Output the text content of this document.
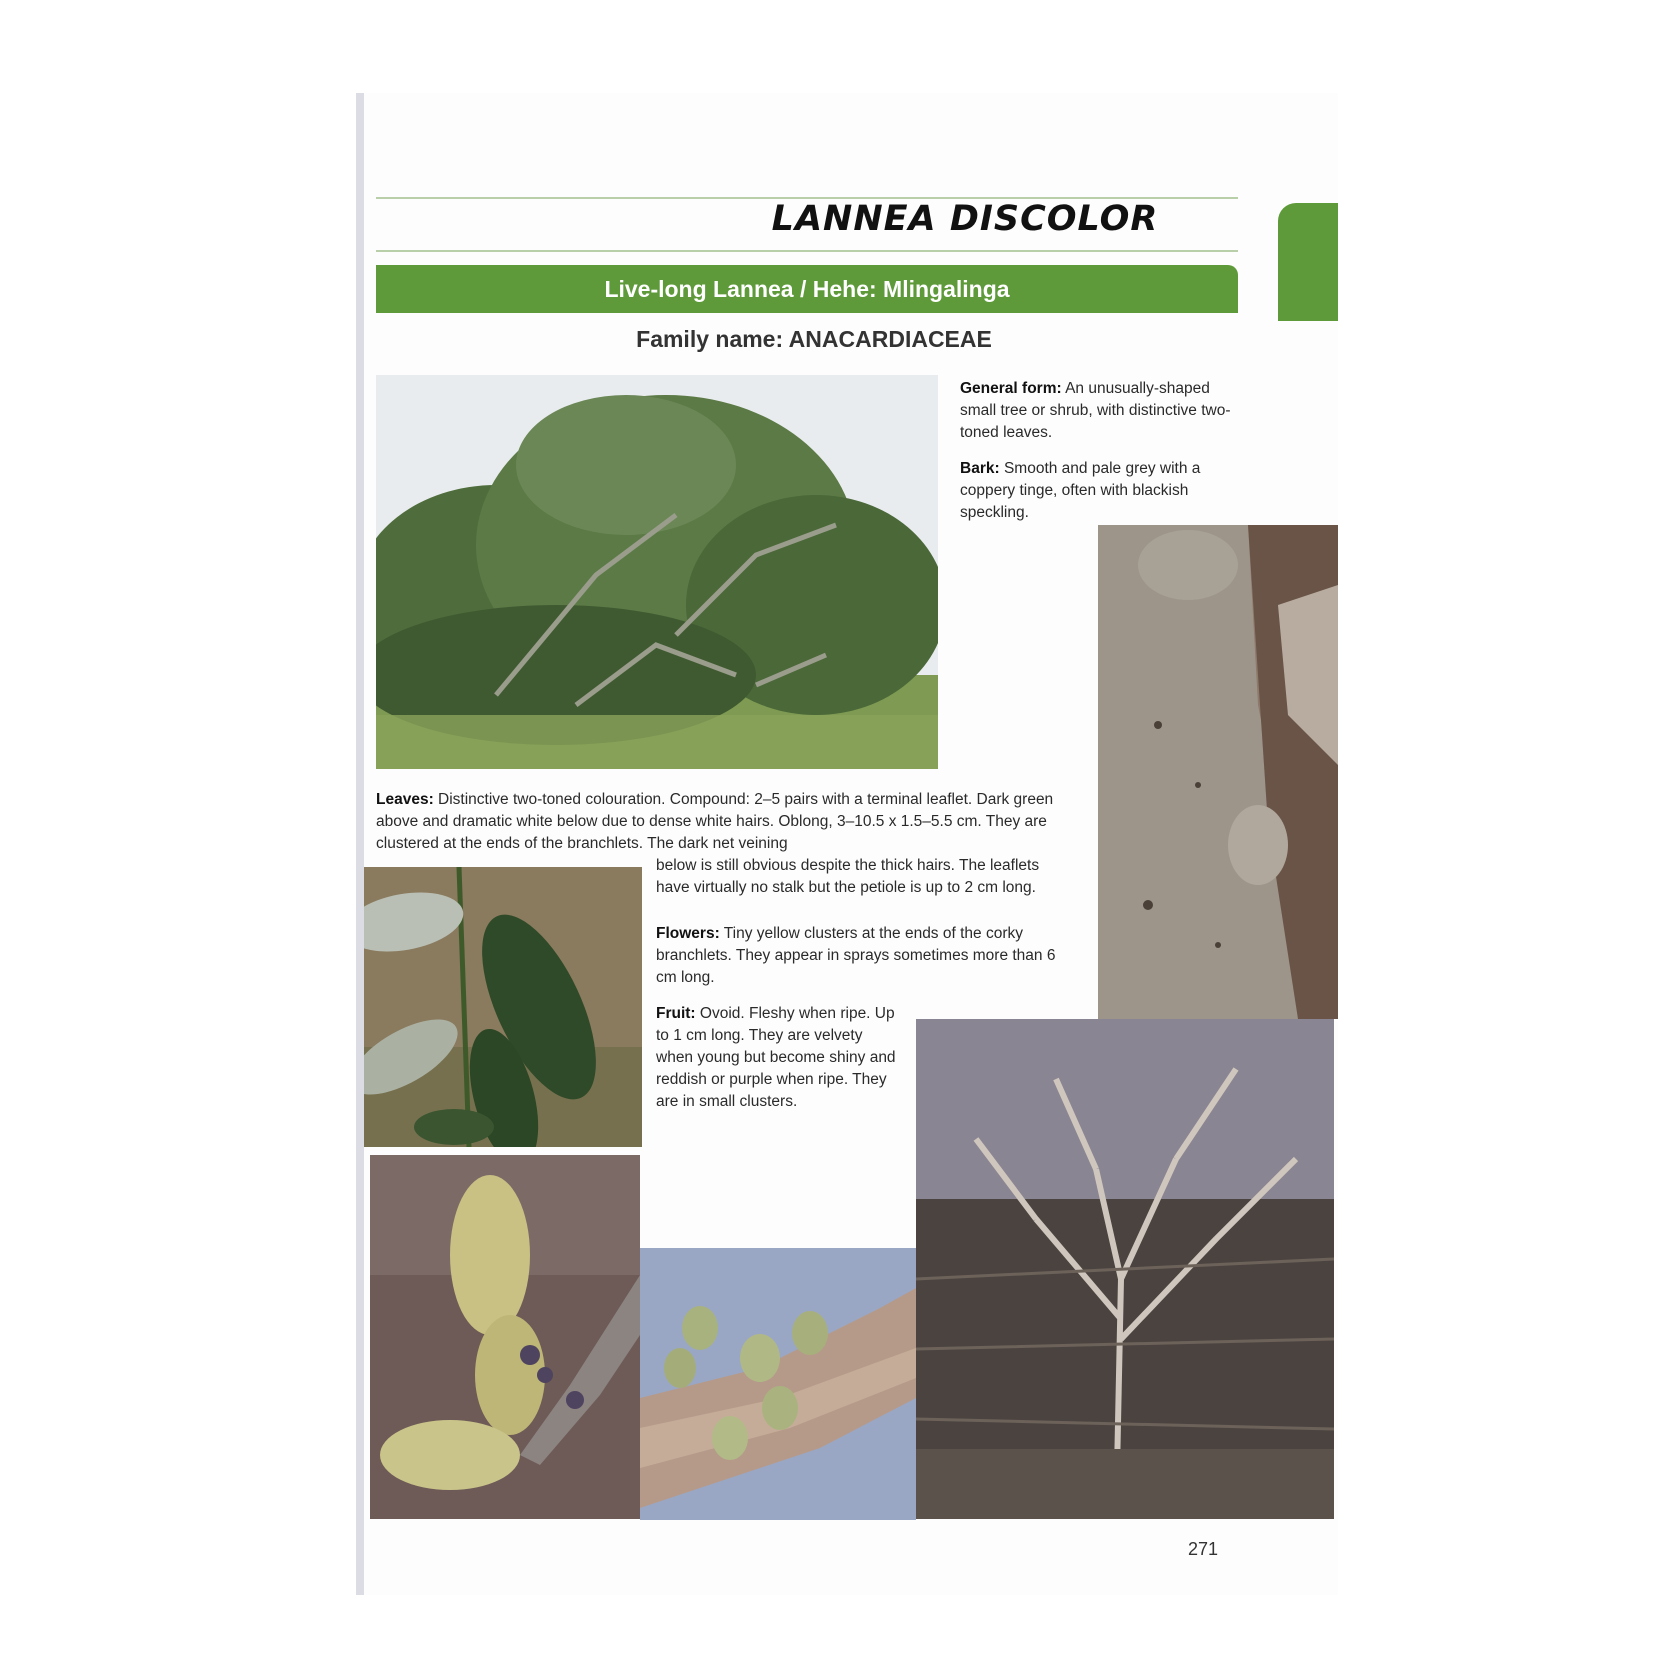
LANNEA DISCOLOR
Live-long Lannea / Hehe: Mlingalinga
Family name: ANACARDIACEAE

General form: An unusually-shaped small tree or shrub, with distinctive two-toned leaves.

Bark: Smooth and pale grey with a coppery tinge, often with blackish speckling.

Leaves: Distinctive two-toned colouration. Compound: 2–5 pairs with a terminal leaflet. Dark green above and dramatic white below due to dense white hairs. Oblong, 3–10.5 x 1.5–5.5 cm. They are clustered at the ends of the branchlets. The dark net veining

below is still obvious despite the thick hairs. The leaflets have virtually no stalk but the petiole is up to 2 cm long.

Flowers: Tiny yellow clusters at the ends of the corky branchlets. They appear in sprays sometimes more than 6 cm long.

Fruit: Ovoid. Fleshy when ripe. Up to 1 cm long. They are velvety when young but become shiny and reddish or purple when ripe. They are in small clusters.

271
